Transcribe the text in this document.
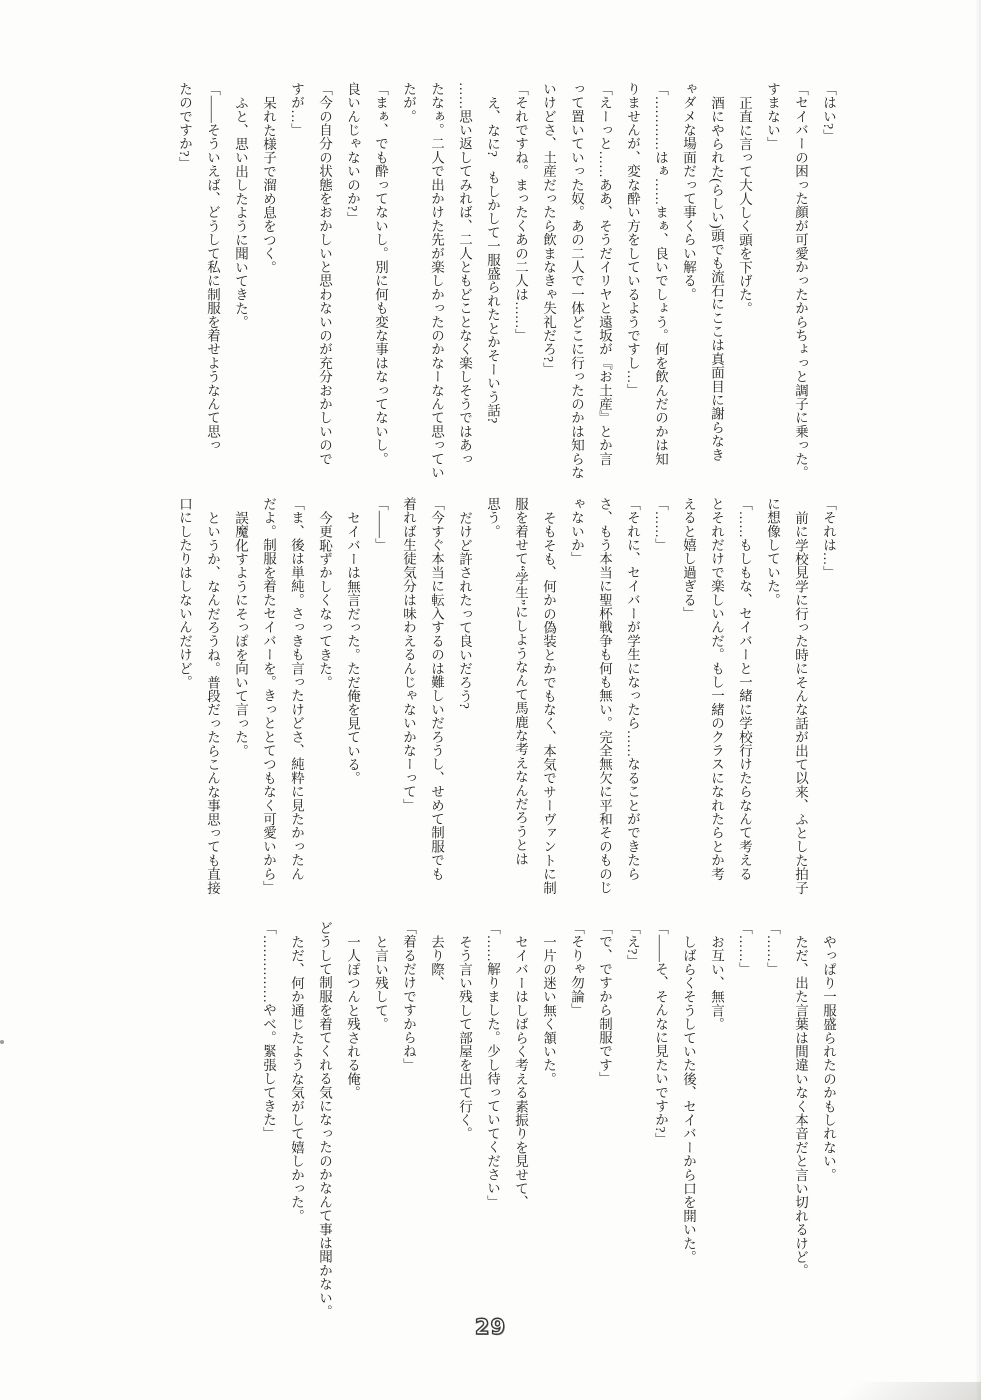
「はい?」
「セイバーの困った顔が可愛かったからちょっと調子に乗った。
すまない」
正直に言って大人しく頭を下げた。
酒にやられた(らしい)頭でも流石にここは真面目に謝らなき
ゃダメな場面だって事くらい解る。
「…………はぁ……まぁ、良いでしょう。何を飲んだのかは知
りませんが、変な酔い方をしているようですし…」
「えーっと……ああ、そうだイリヤと遠坂が『お土産』とか言
って置いていった奴。あの二人で一体どこに行ったのかは知らな
いけどさ、土産だったら飲まなきゃ失礼だろ?」
「それですね。まったくあの二人は……」
え、なに?　もしかして一服盛られたとかそーいう話?
……思い返してみれば、二人ともどことなく楽しそうではあっ
たなぁ。二人で出かけた先が楽しかったのかなーなんて思ってい
たが。
「まぁ、でも酔ってないし。別に何も変な事はなってないし。
良いんじゃないのか?」
「今の自分の状態をおかしいと思わないのが充分おかしいので
すが…」
呆れた様子で溜め息をつく。
ふと、思い出したように聞いてきた。
「――そういえば、どうして私に制服を着せようなんて思っ
たのですか?」
「それは…」
前に学校見学に行った時にそんな話が出て以来、ふとした拍子
に想像していた。
「……もしもな、セイバーと一緒に学校行けたらなんて考える
とそれだけで楽しいんだ。もし一緒のクラスになれたらとか考
えると嬉し過ぎる」
「……」
「それに、セイバーが学生になったら……なることができたら
さ、もう本当に聖杯戦争も何も無い。完全無欠に平和そのものじ
ゃないか」
そもそも、何かの偽装とかでもなく、本気でサーヴァントに制
服を着せて“学生”にしようなんて馬鹿な考えなんだろうとは
思う。
だけど許されたって良いだろう?
「今すぐ本当に転入するのは難しいだろうし、せめて制服でも
着れば生徒気分は味わえるんじゃないかなーって」
「――」
セイバーは無言だった。ただ俺を見ている。
今更恥ずかしくなってきた。
「ま、後は単純。さっきも言ったけどさ、純粋に見たかったん
だよ。制服を着たセイバーを。きっととてつもなく可愛いから」
誤魔化すようにそっぽを向いて言った。
というか、なんだろうね。普段だったらこんな事思っても直接
口にしたりはしないんだけど。
やっぱり一服盛られたのかもしれない。
ただ、出た言葉は間違いなく本音だと言い切れるけど。
「……」
「……」
お互い、無言。
しばらくそうしていた後、セイバーから口を開いた。
「――そ、そんなに見たいですか?」
「え?」
「で、ですから制服です」
「そりゃ勿論」
一片の迷い無く頷いた。
セイバーはしばらく考える素振りを見せて、
「……解りました。少し待っていてください」
そう言い残して部屋を出て行く。
去り際、
「着るだけですからね」
と言い残して。
一人ぽつんと残される俺。
どうして制服を着てくれる気になったのかなんて事は聞かない。
ただ、何か通じたような気がして嬉しかった。
「……………やべ。緊張してきた」
29
